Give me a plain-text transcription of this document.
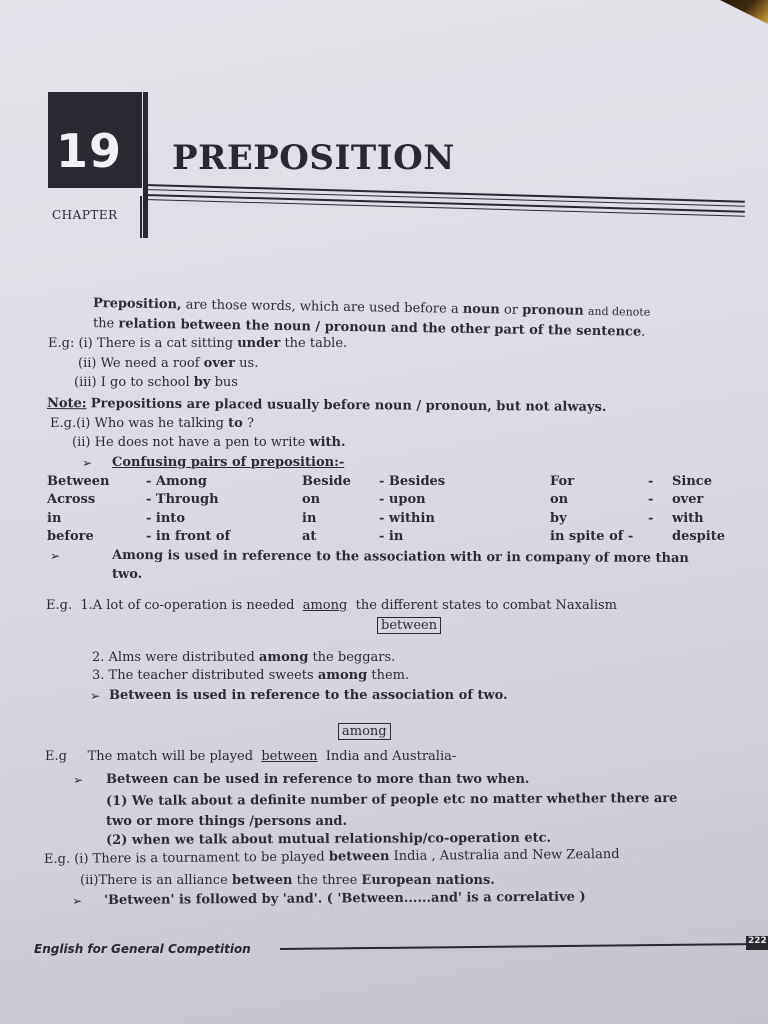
19
CHAPTER
PREPOSITION
Preposition, are those words, which are used before a noun or pronoun and denote
the relation between the noun / pronoun and the other part of the sentence.
E.g: (i) There is a cat sitting under the table.
(ii) We need a roof over us.
(iii) I go to school by bus
Note: Prepositions are placed usually before noun / pronoun, but not always.
E.g.(i) Who was he talking to ?
(ii) He does not have a pen to write with.
➢ Confusing pairs of preposition:-
Between	- Among	Beside - Besides	For	- Since
Across	- Through	on	- upon	on	- over
in	- into	in	- within	by	- with
before	- in front of	at	- in	in spite of -	despite
➢	Among is used in reference to the association with or in company of more than
two.
E.g. 1.A lot of co-operation is needed among the different states to combat Naxalism
between
2. Alms were distributed among the beggars.
3. The teacher distributed sweets among them.
➢ Between is used in reference to the association of two.
among
E.g The match will be played between India and Australia-
➢ Between can be used in reference to more than two when.
(1) We talk about a definite number of people etc no matter whether there are
two or more things /persons and.
(2) when we talk about mutual relationship/co-operation etc.
E.g. (i) There is a tournament to be played between India , Australia and New Zealand
(ii)There is an alliance between the three European nations.
➢ 'Between' is followed by 'and'. ( 'Between......and' is a correlative )
English for General Competition
222
